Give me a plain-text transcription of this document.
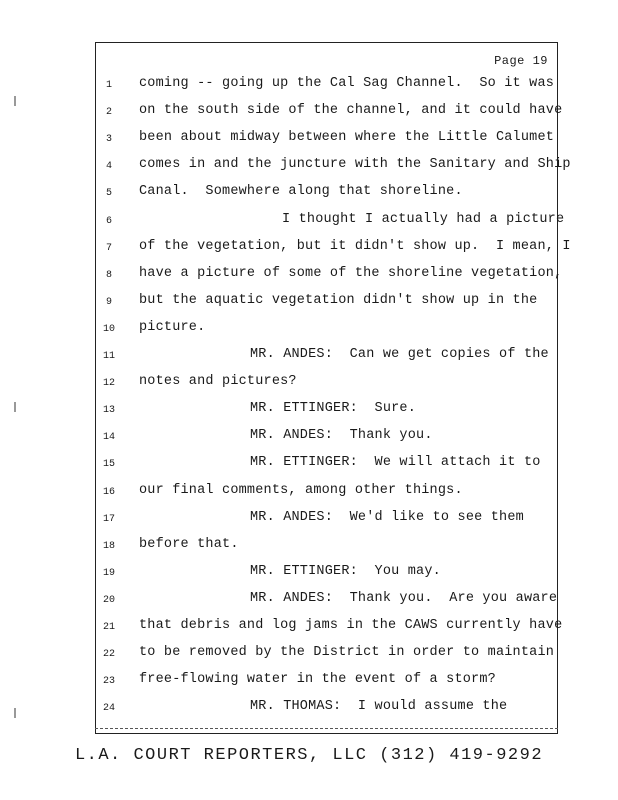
Page 19
1	coming -- going up the Cal Sag Channel.  So it was
2	on the south side of the channel, and it could have
3	been about midway between where the Little Calumet
4	comes in and the juncture with the Sanitary and Ship
5	Canal.  Somewhere along that shoreline.
6	I thought I actually had a picture
7	of the vegetation, but it didn't show up.  I mean, I
8	have a picture of some of the shoreline vegetation,
9	but the aquatic vegetation didn't show up in the
10	picture.
11	MR. ANDES:  Can we get copies of the
12	notes and pictures?
13	MR. ETTINGER:  Sure.
14	MR. ANDES:  Thank you.
15	MR. ETTINGER:  We will attach it to
16	our final comments, among other things.
17	MR. ANDES:  We'd like to see them
18	before that.
19	MR. ETTINGER:  You may.
20	MR. ANDES:  Thank you.  Are you aware
21	that debris and log jams in the CAWS currently have
22	to be removed by the District in order to maintain
23	free-flowing water in the event of a storm?
24	MR. THOMAS:  I would assume the
L.A. COURT REPORTERS, LLC (312) 419-9292
